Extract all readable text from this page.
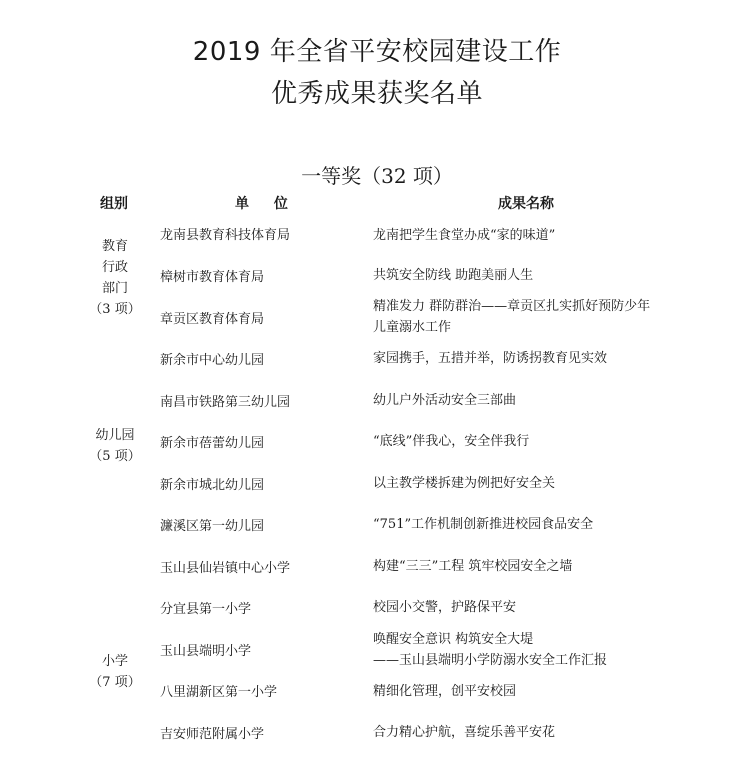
2019 年全省平安校园建设工作
优秀成果获奖名单
一等奖（32 项）
组别	单 位	成果名称
教育
行政
部门
（3 项）
幼儿园
（5 项）
小学
（7 项）
龙南县教育科技体育局
樟树市教育体育局
章贡区教育体育局
新余市中心幼儿园
南昌市铁路第三幼儿园
新余市蓓蕾幼儿园
新余市城北幼儿园
濂溪区第一幼儿园
玉山县仙岩镇中心小学
分宜县第一小学
玉山县端明小学
八里湖新区第一小学
吉安师范附属小学
龙南把学生食堂办成“家的味道”
共筑安全防线 助跑美丽人生
精准发力 群防群治——章贡区扎实抓好预防少年
儿童溺水工作
家园携手，五措并举，防诱拐教育见实效
幼儿户外活动安全三部曲
“底线”伴我心，安全伴我行
以主教学楼拆建为例把好安全关
“751”工作机制创新推进校园食品安全
构建“三三”工程 筑牢校园安全之墙
校园小交警，护路保平安
唤醒安全意识 构筑安全大堤
——玉山县端明小学防溺水安全工作汇报
精细化管理，创平安校园
合力精心护航，喜绽乐善平安花
